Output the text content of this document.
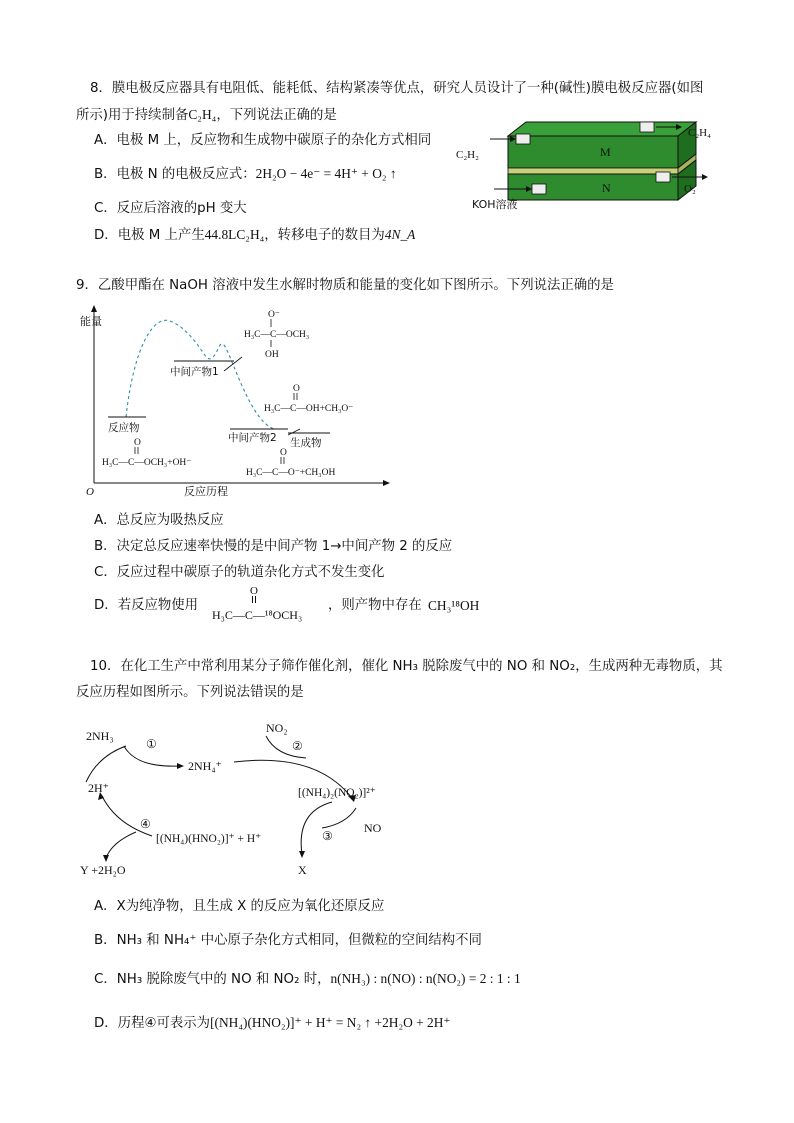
8．膜电极反应器具有电阻低、能耗低、结构紧凑等优点，研究人员设计了一种(碱性)膜电极反应器(如图
所示)用于持续制备C₂H₄，下列说法正确的是
A．电极 M 上，反应物和生成物中碳原子的杂化方式相同
B．电极 N 的电极反应式：2H₂O − 4e⁻ = 4H⁺ + O₂ ↑
C．反应后溶液的pH 变大
D．电极 M 上产生44.8LC₂H₄，转移电子的数目为4N_A
C₂H₄
C₂H₂
KOH溶液
O₂
M
N
9．乙酸甲酯在 NaOH 溶液中发生水解时物质和能量的变化如下图所示。下列说法正确的是
能量
O	反应历程
反应物
中间产物1
中间产物2 生成物
O⁻
H₃C—C—OCH₃
OH
O
H₃C—C—OH+CH₃O⁻
O
H₃C—C—OCH₃+OH⁻
O
H₃C—C—O⁻+CH₃OH
A．总反应为吸热反应
B．决定总反应速率快慢的是中间产物 1→中间产物 2 的反应
C．反应过程中碳原子的轨道杂化方式不发生变化
D．若反应物使用
O
H₃C—C—¹⁸OCH₃
，则产物中存在 CH₃¹⁸OH
10．在化工生产中常利用某分子筛作催化剂，催化 NH₃ 脱除废气中的 NO 和 NO₂，生成两种无毒物质，其
反应历程如图所示。下列说法错误的是
2NH₃
①
2NH₄⁺
NO₂
②
[(NH₄)₂(NO₂)]²⁺
NO
③
X
[(NH₄)(HNO₂)]⁺ + H⁺
④
2H⁺
Y +2H₂O
A．X为纯净物，且生成 X 的反应为氧化还原反应
B．NH₃ 和 NH₄⁺ 中心原子杂化方式相同，但微粒的空间结构不同
C．NH₃ 脱除废气中的 NO 和 NO₂ 时，n(NH₃) : n(NO) : n(NO₂) = 2 : 1 : 1
D．历程④可表示为[(NH₄)(HNO₂)]⁺ + H⁺ = N₂ ↑ +2H₂O + 2H⁺
